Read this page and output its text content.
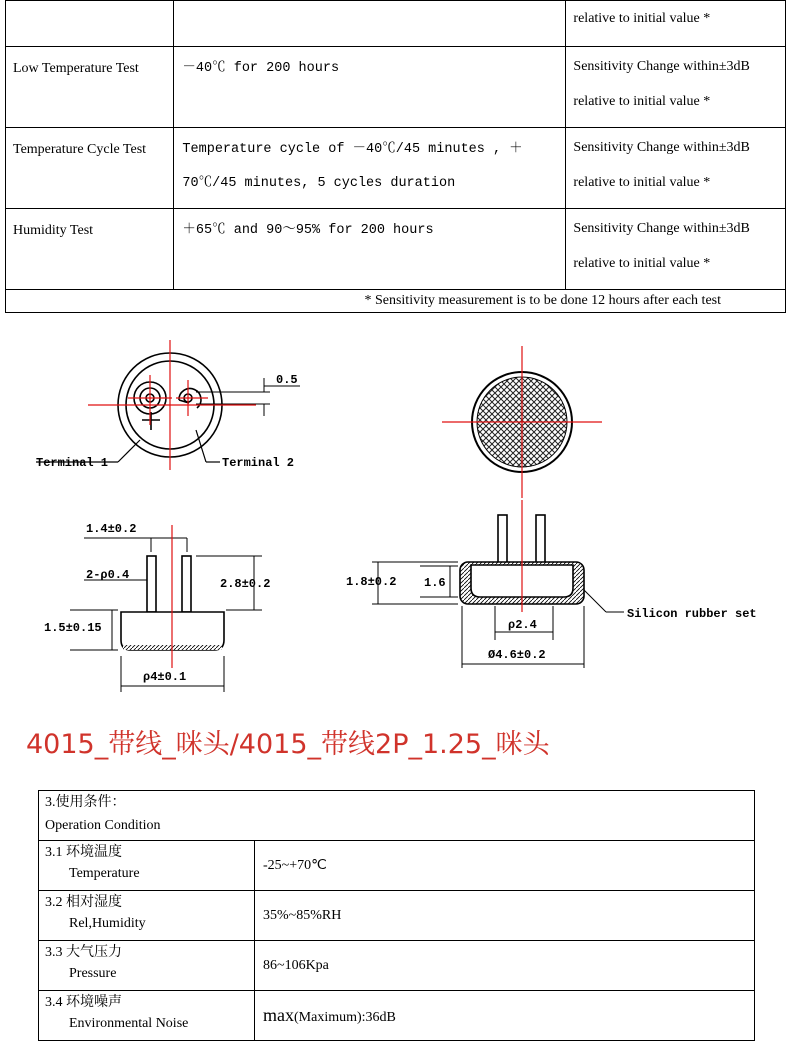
		relative to initial value *

Low Temperature Test	－40℃ for 200 hours	Sensitivity Change within±3dB
relative to initial value *

Temperature Cycle Test	Temperature cycle of －40℃/45 minutes , ＋70℃/45 minutes, 5 cycles duration	Sensitivity Change within±3dB
relative to initial value *

Humidity Test	＋65℃ and 90～95% for 200 hours	Sensitivity Change within±3dB
relative to initial value *

* Sensitivity measurement is to be done 12 hours after each test		
0.5
Terminal 1	Terminal 2
1.4±0.2
2-ρ0.4
2.8±0.2
1.5±0.15
ρ4±0.1
1.8±0.2 1.6
ρ2.4
Ø4.6±0.2
Silicon rubber set
4015_带线_咪头/4015_带线2P_1.25_咪头
3.使用条件：
Operation Condition	

3.1 环境温度
Temperature	-25~+70℃

3.2 相对湿度
Rel,Humidity	35%~85%RH

3.3 大气压力
Pressure	86~106Kpa

3.4 环境噪声
Environmental Noise	max(Maximum):36dB
